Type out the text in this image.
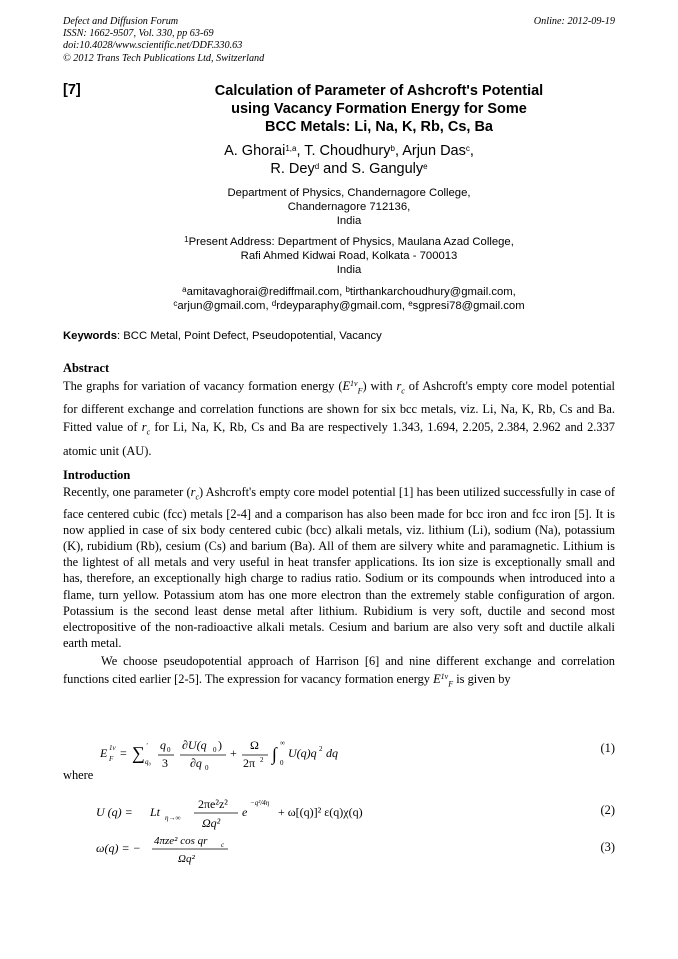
Defect and Diffusion Forum
ISSN: 1662-9507, Vol. 330, pp 63-69
doi:10.4028/www.scientific.net/DDF.330.63
© 2012 Trans Tech Publications Ltd, Switzerland
Online: 2012-09-19
[7]	Calculation of Parameter of Ashcroft's Potential
using Vacancy Formation Energy for Some
BCC Metals: Li, Na, K, Rb, Cs, Ba
A. Ghorai$^{1,a}$, T. Choudhury$^b$, Arjun Das$^c$,
R. Dey$^d$ and S. Ganguly$^e$
Department of Physics, Chandernagore College,
Chandernagore 712136,
India
$^1$Present Address: Department of Physics, Maulana Azad College,
Rafi Ahmed Kidwai Road, Kolkata - 700013
India
$^a$amitavaghorai@rediffmail.com, $^b$tirthankarchoudhury@gmail.com,
$^c$arjun@gmail.com, $^d$rdeyparaphy@gmail.com, $^e$sgpresi78@gmail.com
Keywords: BCC Metal, Point Defect, Pseudopotential, Vacancy
Abstract
The graphs for variation of vacancy formation energy $(E^{1v}_F)$ with $r_c$ of Ashcroft's empty core model potential for different exchange and correlation functions are shown for six bcc metals, viz. Li, Na, K, Rb, Cs and Ba. Fitted value of $r_c$ for Li, Na, K, Rb, Cs and Ba are respectively 1.343, 1.694, 2.205, 2.384, 2.962 and 2.337 atomic unit (AU).
Introduction
Recently, one parameter $(r_c)$ Ashcroft's empty core model potential [1] has been utilized successfully in case of face centered cubic (fcc) metals [2-4] and a comparison has also been made for bcc iron and fcc iron [5]. It is now applied in case of six body centered cubic (bcc) alkali metals, viz. lithium (Li), sodium (Na), potassium (K), rubidium (Rb), cesium (Cs) and barium (Ba). All of them are silvery white and paramagnetic. Lithium is the lightest of all metals and very useful in heat transfer applications. Its ion size is exceptionally small and has, therefore, an exceptionally high charge to radius ratio. Sodium or its compounds when introduced into a flame, turn yellow. Potassium atom has one more electron than the extremely stable configuration of argon. Potassium is the second least dense metal after lithium. Rubidium is very soft, ductile and second most electropositive of the non-radioactive alkali metals. Cesium and barium are also very soft and ductile alkali earth metal.
We choose pseudopotential approach of Harrison [6] and nine different exchange and correlation functions cited earlier [2-5]. The expression for vacancy formation energy $E^{1v}_F$ is given by
E 1v
F = ∑ '
q₀
q 0
3
∂U(q 0 )
∂q 0
+
Ω
2π 2 ∫
∞
0
U(q)q 2 dq	(1)
where
U (q) = Lt η→∞
2πe²z²
Ωq²
e
−q²/4η
+ ω[(q)]² ε(q)χ(q)	(2)
ω(q) = − 4πze² cos qr c
Ωq²
(3)
